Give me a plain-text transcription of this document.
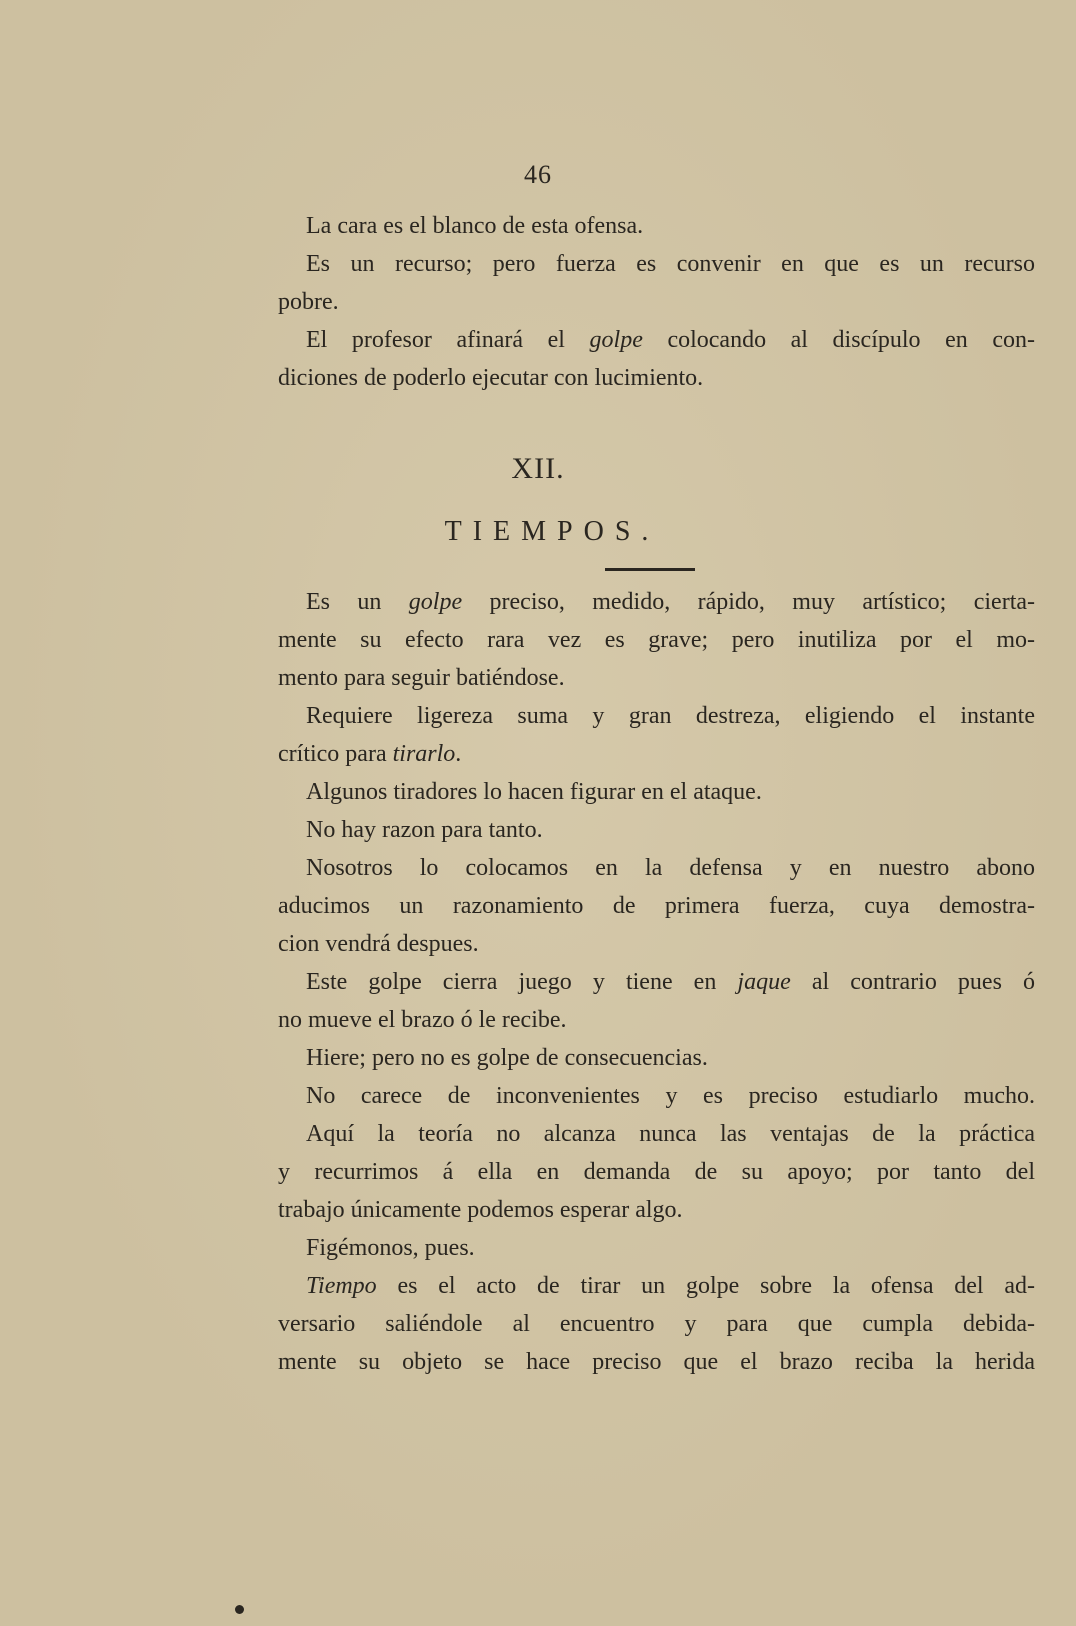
46
La cara es el blanco de esta ofensa.
Es un recurso; pero fuerza es convenir en que es un recurso
pobre.
El profesor afinará el golpe colocando al discípulo en con-
diciones de poderlo ejecutar con lucimiento.
XII.
TIEMPOS.
Es un golpe preciso, medido, rápido, muy artístico; cierta-
mente su efecto rara vez es grave; pero inutiliza por el mo-
mento para seguir batiéndose.
Requiere ligereza suma y gran destreza, eligiendo el instante
crítico para tirarlo.
Algunos tiradores lo hacen figurar en el ataque.
No hay razon para tanto.
Nosotros lo colocamos en la defensa y en nuestro abono
aducimos un razonamiento de primera fuerza, cuya demostra-
cion vendrá despues.
Este golpe cierra juego y tiene en jaque al contrario pues ó
no mueve el brazo ó le recibe.
Hiere; pero no es golpe de consecuencias.
No carece de inconvenientes y es preciso estudiarlo mucho.
Aquí la teoría no alcanza nunca las ventajas de la práctica
y recurrimos á ella en demanda de su apoyo; por tanto del
trabajo únicamente podemos esperar algo.
Figémonos, pues.
Tiempo es el acto de tirar un golpe sobre la ofensa del ad-
versario saliéndole al encuentro y para que cumpla debida-
mente su objeto se hace preciso que el brazo reciba la herida
